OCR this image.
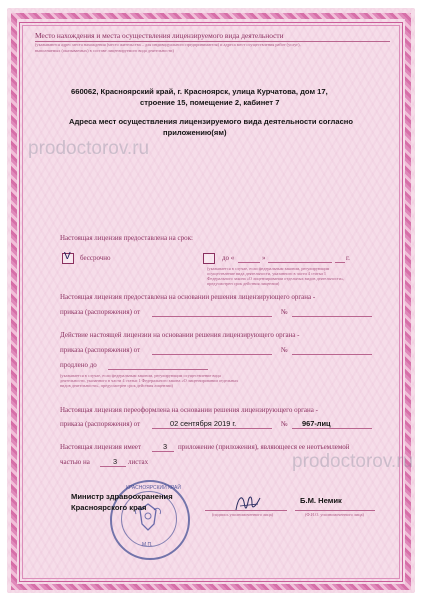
Место нахождения и места осуществления лицензируемого вида деятельности
(указываются адрес места нахождения (место жительства – для индивидуального предпринимателя) и адреса мест осуществления работ (услуг),
выполняемых (оказываемых) в составе лицензируемого вида деятельности)
660062, Красноярский край, г. Красноярск, улица Курчатова, дом 17,
строение 15, помещение 2, кабинет 7
Адреса мест осуществления лицензируемого вида деятельности согласно
приложению(ям)
prodoctorov.ru
prodoctorov.ru
Настоящая лицензия предоставлена на срок:
V бессрочно	до «	»	г.
(указывается в случае, если федеральным законом, регулирующим
осуществление вида деятельности, указанного в части 4 статьи 1
Федерального закона «О лицензировании отдельных видов деятельности»,
предусмотрен срок действия лицензии)
Настоящая лицензия предоставлена на основании решения лицензирующего органа -
приказа (распоряжения) от	№
Действие настоящей лицензии на основании решения лицензирующего органа -
приказа (распоряжения) от	№
продлено до
(указывается в случае, если федеральным законом, регулирующим осуществление вида
деятельности, указанного в части 4 статьи 1 Федерального закона «О лицензировании отдельных
видов деятельности», предусмотрен срок действия лицензии)
Настоящая лицензия переоформлена на основании решения лицензирующего органа -
приказа (распоряжения) от	02 сентября 2019 г.	№ 967-лиц
Настоящая лицензия имеет	3 приложение (приложения), являющееся ее неотъемлемой
частью на	3 листах
КРАСНОЯРСКИЙ КРАЙ
М.П.
Министр здравоохранения
Красноярского края
(подпись уполномоченного лица)
Б.М. Немик
(Ф.И.О. уполномоченного лица)
